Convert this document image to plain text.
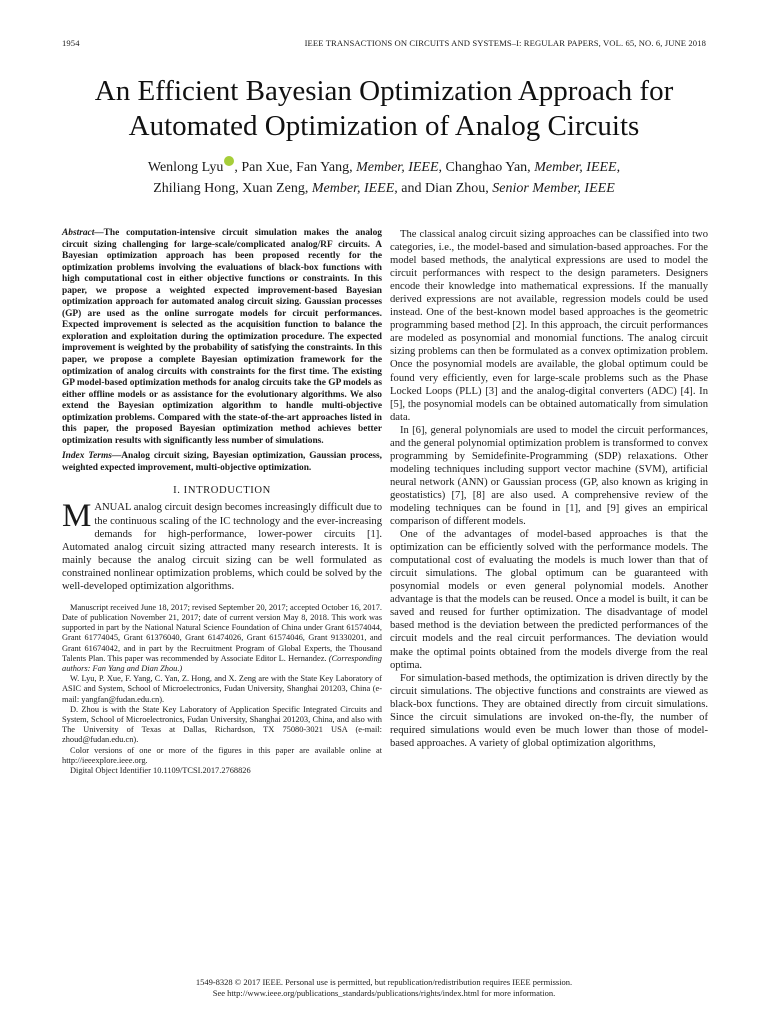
1954	IEEE TRANSACTIONS ON CIRCUITS AND SYSTEMS–I: REGULAR PAPERS, VOL. 65, NO. 6, JUNE 2018
An Efficient Bayesian Optimization Approach for
Automated Optimization of Analog Circuits
Wenlong Lyu , Pan Xue, Fan Yang, Member, IEEE, Changhao Yan, Member, IEEE,
Zhiliang Hong, Xuan Zeng, Member, IEEE, and Dian Zhou, Senior Member, IEEE

Abstract—The computation-intensive circuit simulation makes the analog circuit sizing challenging for large-scale/complicated analog/RF circuits. A Bayesian optimization approach has been proposed recently for the optimization problems involving the evaluations of black-box functions with high computational cost in either objective functions or constraints. In this paper, we propose a weighted expected improvement-based Bayesian optimization approach for automated analog circuit sizing. Gaussian processes (GP) are used as the online surrogate models for circuit performances. Expected improvement is selected as the acquisition function to balance the exploration and exploitation during the optimization procedure. The expected improvement is weighted by the probability of satisfying the constraints. In this paper, we propose a complete Bayesian optimization framework for the optimization of analog circuits with constraints for the first time. The existing GP model-based optimization methods for analog circuits take the GP models as either offline models or as assistance for the evolutionary algorithms. We also extend the Bayesian optimization algorithm to handle multi-objective optimization problems. Compared with the state-of-the-art approaches listed in this paper, the proposed Bayesian optimization method achieves better optimization results with significantly less number of simulations.

Index Terms—Analog circuit sizing, Bayesian optimization, Gaussian process, weighted expected improvement, multi-objective optimization.

I. INTRODUCTION

MANUAL analog circuit design becomes increasingly difficult due to the continuous scaling of the IC technology and the ever-increasing demands for high-performance, lower-power circuits [1]. Automated analog circuit sizing attracted many research interests. It is mainly because the analog circuit sizing can be well formulated as constrained nonlinear optimization problems, which could be solved by the well-developed optimization algorithms.

Manuscript received June 18, 2017; revised September 20, 2017; accepted October 16, 2017. Date of publication November 21, 2017; date of current version May 8, 2018. This work was supported in part by the National Natural Science Foundation of China under Grant 61574044, Grant 61774045, Grant 61376040, Grant 61474026, Grant 61574046, Grant 91330201, and Grant 61674042, and in part by the Recruitment Program of Global Experts, the Thousand Talents Plan. This paper was recommended by Associate Editor L. Hernandez. (Corresponding authors: Fan Yang and Dian Zhou.)

W. Lyu, P. Xue, F. Yang, C. Yan, Z. Hong, and X. Zeng are with the State Key Laboratory of ASIC and System, School of Microelectronics, Fudan University, Shanghai 201203, China (e-mail: yangfan@fudan.edu.cn).

D. Zhou is with the State Key Laboratory of Application Specific Integrated Circuits and System, School of Microelectronics, Fudan University, Shanghai 201203, China, and also with The University of Texas at Dallas, Richardson, TX 75080-3021 USA (e-mail: zhoud@fudan.edu.cn).

Color versions of one or more of the figures in this paper are available online at http://ieeexplore.ieee.org.

Digital Object Identifier 10.1109/TCSI.2017.2768826

The classical analog circuit sizing approaches can be classified into two categories, i.e., the model-based and simulation-based approaches. For the model based methods, the analytical expressions are used to model the circuit performances with respect to the design parameters. Designers encode their knowledge into mathematical expressions. If the manually derived expressions are not available, regression models could be used instead. One of the best-known model based approaches is the geometric programming based method [2]. In this approach, the circuit performances are modeled as posynomial and monomial functions. The analog circuit sizing problems can then be formulated as a convex optimization problem. Once the posynomial models are available, the global optimum could be found very efficiently, even for large-scale problems such as the Phase Locked Loops (PLL) [3] and the analog-digital converters (ADC) [4]. In [5], the posynomial models can be obtained automatically from simulation data.

In [6], general polynomials are used to model the circuit performances, and the general polynomial optimization problem is transformed to convex programming by Semidefinite-Programming (SDP) relaxations. Other modeling techniques including support vector machine (SVM), artificial neural network (ANN) or Gaussian process (GP, also known as kriging in geostatistics) [7], [8] are also used. A comprehensive review of the modeling techniques can be found in [1], and [9] gives an empirical comparison of different models.

One of the advantages of model-based approaches is that the optimization can be efficiently solved with the performance models. The computational cost of evaluating the models is much lower than that of circuit simulations. The global optimum can be guaranteed with posynomial models or even general polynomial models. Another advantage is that the models can be reused. Once a model is built, it can be saved and reused for further optimization. The disadvantage of model based method is the deviation between the predicted performances of the circuit models and the real circuit performances. The deviation would make the optimal points obtained from the models diverge from the real optima.

For simulation-based methods, the optimization is driven directly by the circuit simulations. The objective functions and constraints are viewed as black-box functions. They are obtained directly from circuit simulations. Since the circuit simulations are invoked on-the-fly, the number of required simulations would even be much lower than those of model-based approaches. A variety of global optimization algorithms,

1549-8328 © 2017 IEEE. Personal use is permitted, but republication/redistribution requires IEEE permission.
See http://www.ieee.org/publications_standards/publications/rights/index.html for more information.
